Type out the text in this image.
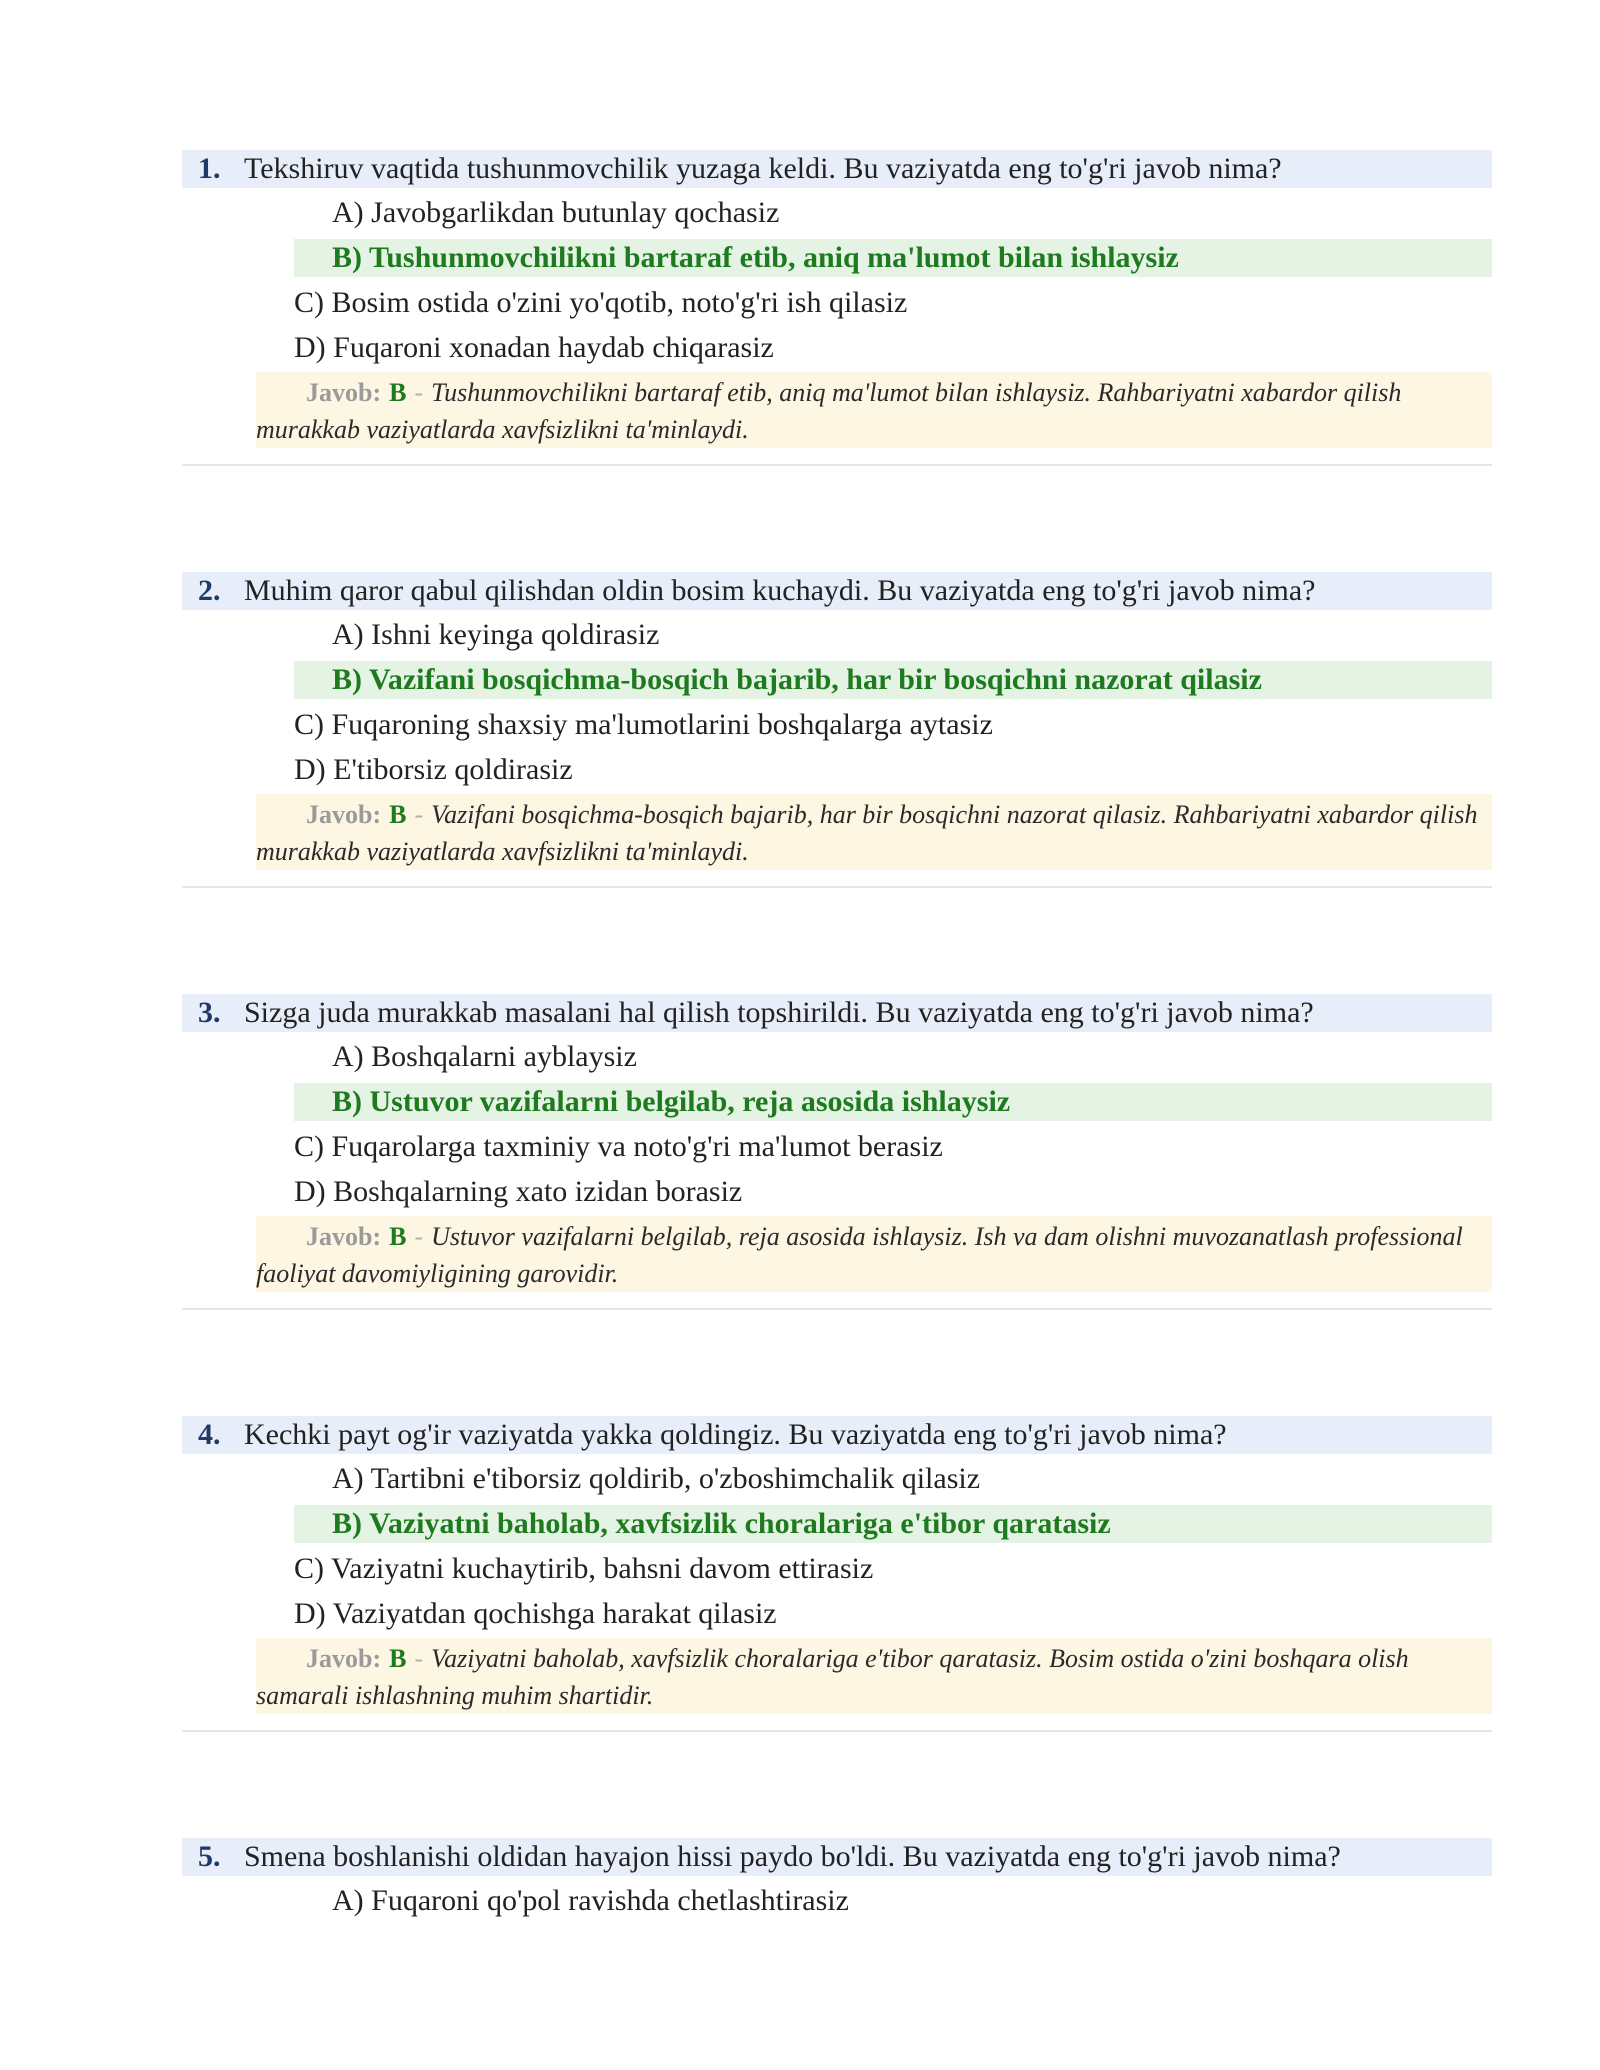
1. Tekshiruv vaqtida tushunmovchilik yuzaga keldi. Bu vaziyatda eng to'g'ri javob nima?
A) Javobgarlikdan butunlay qochasiz
B) Tushunmovchilikni bartaraf etib, aniq ma'lumot bilan ishlaysiz
C) Bosim ostida o'zini yo'qotib, noto'g'ri ish qilasiz
D) Fuqaroni xonadan haydab chiqarasiz
Javob: B - Tushunmovchilikni bartaraf etib, aniq ma'lumot bilan ishlaysiz. Rahbariyatni xabardor qilish murakkab vaziyatlarda xavfsizlikni ta'minlaydi.
2. Muhim qaror qabul qilishdan oldin bosim kuchaydi. Bu vaziyatda eng to'g'ri javob nima?
A) Ishni keyinga qoldirasiz
B) Vazifani bosqichma-bosqich bajarib, har bir bosqichni nazorat qilasiz
C) Fuqaroning shaxsiy ma'lumotlarini boshqalarga aytasiz
D) E'tiborsiz qoldirasiz
Javob: B - Vazifani bosqichma-bosqich bajarib, har bir bosqichni nazorat qilasiz. Rahbariyatni xabardor qilish murakkab vaziyatlarda xavfsizlikni ta'minlaydi.
3. Sizga juda murakkab masalani hal qilish topshirildi. Bu vaziyatda eng to'g'ri javob nima?
A) Boshqalarni ayblaysiz
B) Ustuvor vazifalarni belgilab, reja asosida ishlaysiz
C) Fuqarolarga taxminiy va noto'g'ri ma'lumot berasiz
D) Boshqalarning xato izidan borasiz
Javob: B - Ustuvor vazifalarni belgilab, reja asosida ishlaysiz. Ish va dam olishni muvozanatlash professional faoliyat davomiyligining garovidir.
4. Kechki payt og'ir vaziyatda yakka qoldingiz. Bu vaziyatda eng to'g'ri javob nima?
A) Tartibni e'tiborsiz qoldirib, o'zboshimchalik qilasiz
B) Vaziyatni baholab, xavfsizlik choralariga e'tibor qaratasiz
C) Vaziyatni kuchaytirib, bahsni davom ettirasiz
D) Vaziyatdan qochishga harakat qilasiz
Javob: B - Vaziyatni baholab, xavfsizlik choralariga e'tibor qaratasiz. Bosim ostida o'zini boshqara olish samarali ishlashning muhim shartidir.
5. Smena boshlanishi oldidan hayajon hissi paydo bo'ldi. Bu vaziyatda eng to'g'ri javob nima?
A) Fuqaroni qo'pol ravishda chetlashtirasiz
